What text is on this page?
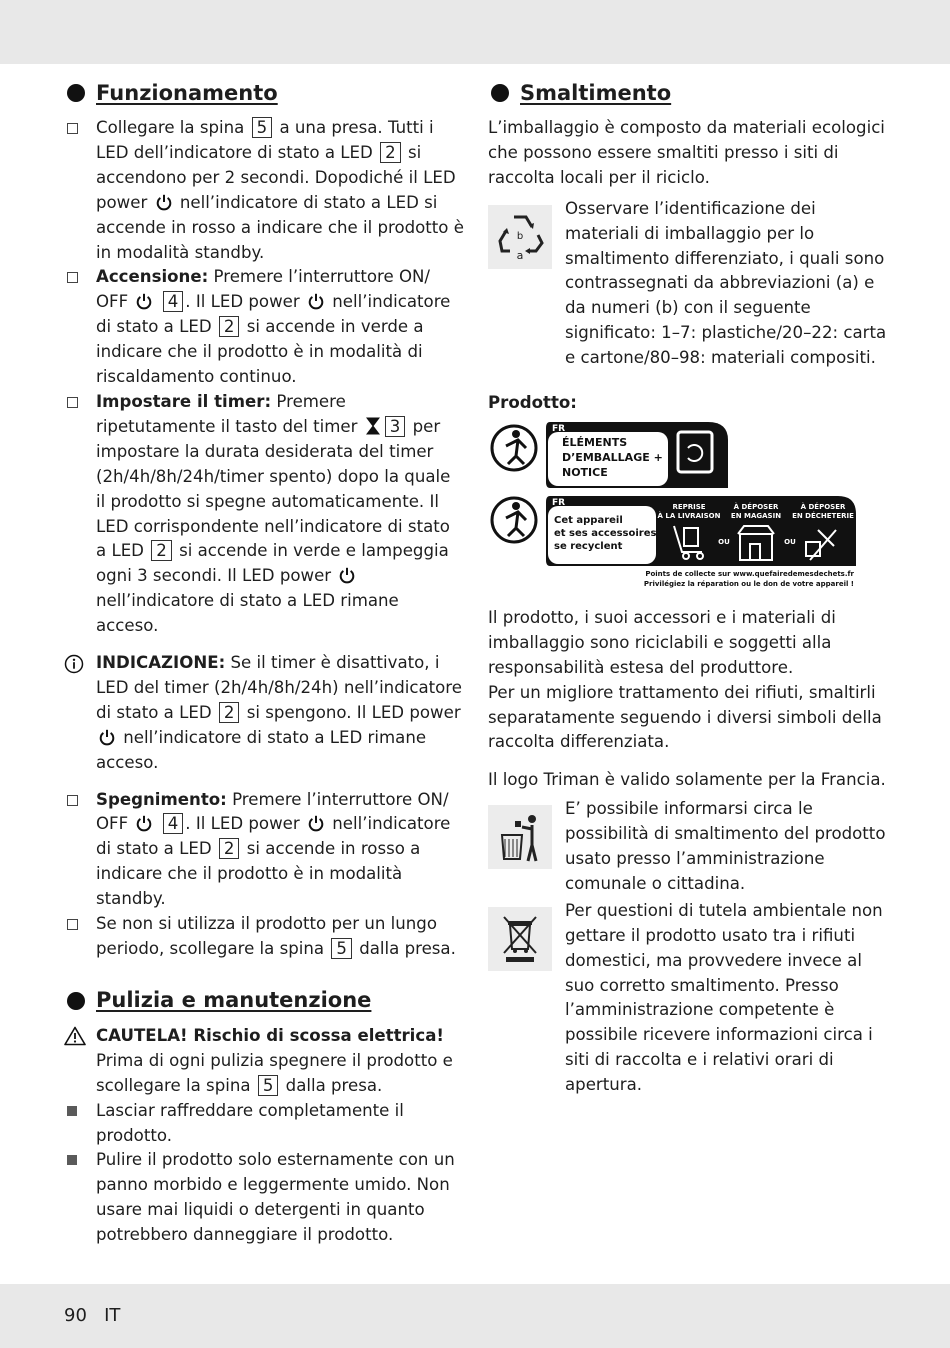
Funzionamento
Collegare la spina 5 a una presa. Tutti i LED dell’indicatore di stato a LED 2 si accendono per 2 secondi. Dopodiché il LED power nell’indicatore di stato a LED si accende in rosso a indicare che il prodotto è in modalità standby.
Accensione: Premere l’interruttore ON/ OFF 4 . Il LED power nell’indicatore di stato a LED 2 si accende in verde a indicare che il prodotto è in modalità di riscaldamento continuo.
Impostare il timer: Premere ripetutamente il tasto del timer 3 per impostare la durata desiderata del timer (2h/4h/8h/24h/timer spento) dopo la quale il prodotto si spegne automaticamente. Il LED corrispondente nell’indicatore di stato a LED 2 si accende in verde e lampeggia ogni 3 secondi. Il LED power  nell’indicatore di stato a LED rimane acceso.
INDICAZIONE: Se il timer è disattivato, i LED del timer (2h/4h/8h/24h) nell’indicatore di stato a LED 2 si spengono. Il LED power  nell’indicatore di stato a LED rimane acceso.
Spegnimento: Premere l’interruttore ON/ OFF 4 . Il LED power nell’indicatore di stato a LED 2 si accende in rosso a indicare che il prodotto è in modalità standby.
Se non si utilizza il prodotto per un lungo periodo, scollegare la spina 5 dalla presa.
Pulizia e manutenzione
CAUTELA! Rischio di scossa elettrica!
Prima di ogni pulizia spegnere il prodotto e scollegare la spina 5 dalla presa.
Lasciar raffreddare completamente il prodotto.
Pulire il prodotto solo esternamente con un panno morbido e leggermente umido. Non usare mai liquidi o detergenti in quanto potrebbero danneggiare il prodotto.
Smaltimento

L’imballaggio è composto da materiali ecologici che possono essere smaltiti presso i siti di raccolta locali per il riciclo.

b
a

Osservare l’identificazione dei materiali di imballaggio per lo smaltimento differenziato, i quali sono contrassegnati da abbreviazioni (a) e da numeri (b) con il seguente significato: 1–7: plastiche/20–22: carta e cartone/80–98: materiali compositi.

Prodotto:
FR
ÉLÉMENTS
D’EMBALLAGE +
NOTICE
FR
Cet appareil
et ses accessoires
se recyclent
REPRISE
À LA LIVRAISON
À DÉPOSER
EN MAGASIN
À DÉPOSER
EN DÉCHETERIE
OU	OU
Points de collecte sur www.quefairedemesdechets.fr
Privilégiez la réparation ou le don de votre appareil !

Il prodotto, i suoi accessori e i materiali di imballaggio sono riciclabili e soggetti alla responsabilità estesa del produttore.

Per un migliore trattamento dei rifiuti, smaltirli separatamente seguendo i diversi simboli della raccolta differenziata.

Il logo Triman è valido solamente per la Francia.

E’ possibile informarsi circa le possibilità di smaltimento del prodotto usato presso l’amministrazione comunale o cittadina.

Per questioni di tutela ambientale non gettare il prodotto usato tra i rifiuti domestici, ma provvedere invece al suo corretto smaltimento. Presso l’amministrazione competente è possibile ricevere informazioni circa i siti di raccolta e i relativi orari di apertura.

90 IT
